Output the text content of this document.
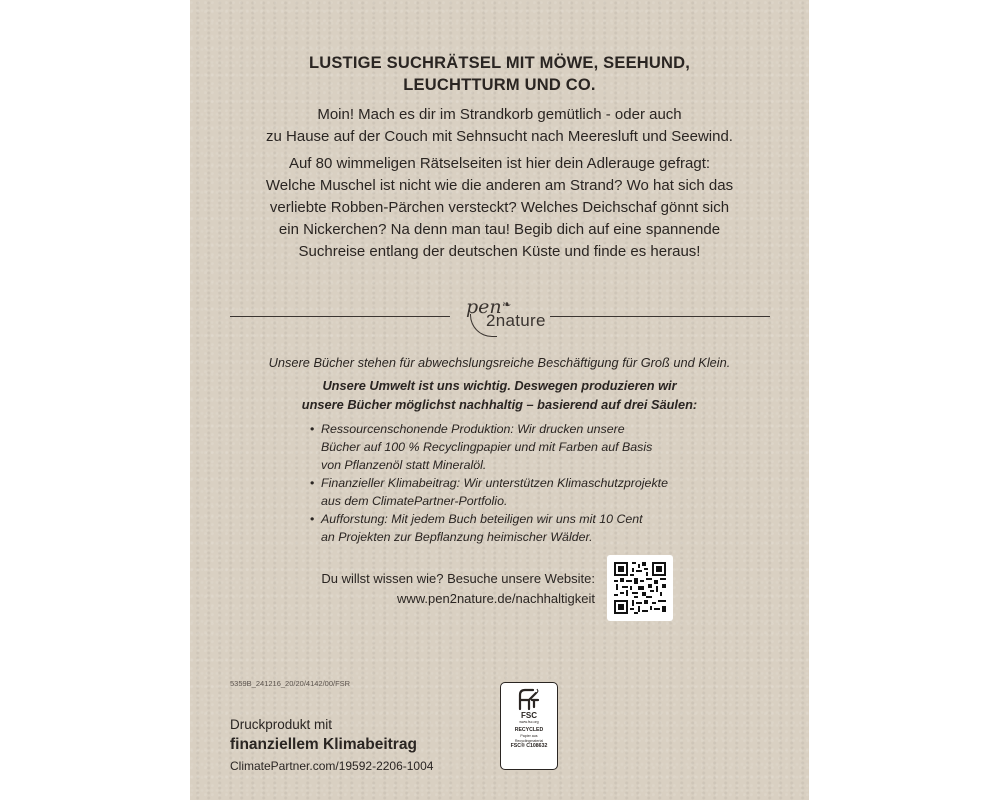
LUSTIGE SUCHRÄTSEL MIT MÖWE, SEEHUND,
LEUCHTTURM UND CO.
Moin! Mach es dir im Strandkorb gemütlich - oder auch
zu Hause auf der Couch mit Sehnsucht nach Meeresluft und Seewind.
Auf 80 wimmeligen Rätselseiten ist hier dein Adlerauge gefragt:
Welche Muschel ist nicht wie die anderen am Strand? Wo hat sich das
verliebte Robben-Pärchen versteckt? Welches Deichschaf gönnt sich
ein Nickerchen? Na denn man tau! Begib dich auf eine spannende
Suchreise entlang der deutschen Küste und finde es heraus!
pen ❧
2nature
Unsere Bücher stehen für abwechslungsreiche Beschäftigung für Groß und Klein.
Unsere Umwelt ist uns wichtig. Deswegen produzieren wir
unsere Bücher möglichst nachhaltig – basierend auf drei Säulen:
• Ressourcenschonende Produktion: Wir drucken unsere
Bücher auf 100 % Recyclingpapier und mit Farben auf Basis
von Pflanzenöl statt Mineralöl.
• Finanzieller Klimabeitrag: Wir unterstützen Klimaschutzprojekte
aus dem ClimatePartner-Portfolio.
• Aufforstung: Mit jedem Buch beteiligen wir uns mit 10 Cent
an Projekten zur Bepflanzung heimischer Wälder.
Du willst wissen wie? Besuche unsere Website:
www.pen2nature.de/nachhaltigkeit
5359B_241216_20/20/4142/00/FSR
Druckprodukt mit
finanziellem Klimabeitrag
ClimatePartner.com/19592-2206-1004
FSC
www.fsc.org
RECYCLED
Papier aus
Recyclingmaterial
FSC® C108632
